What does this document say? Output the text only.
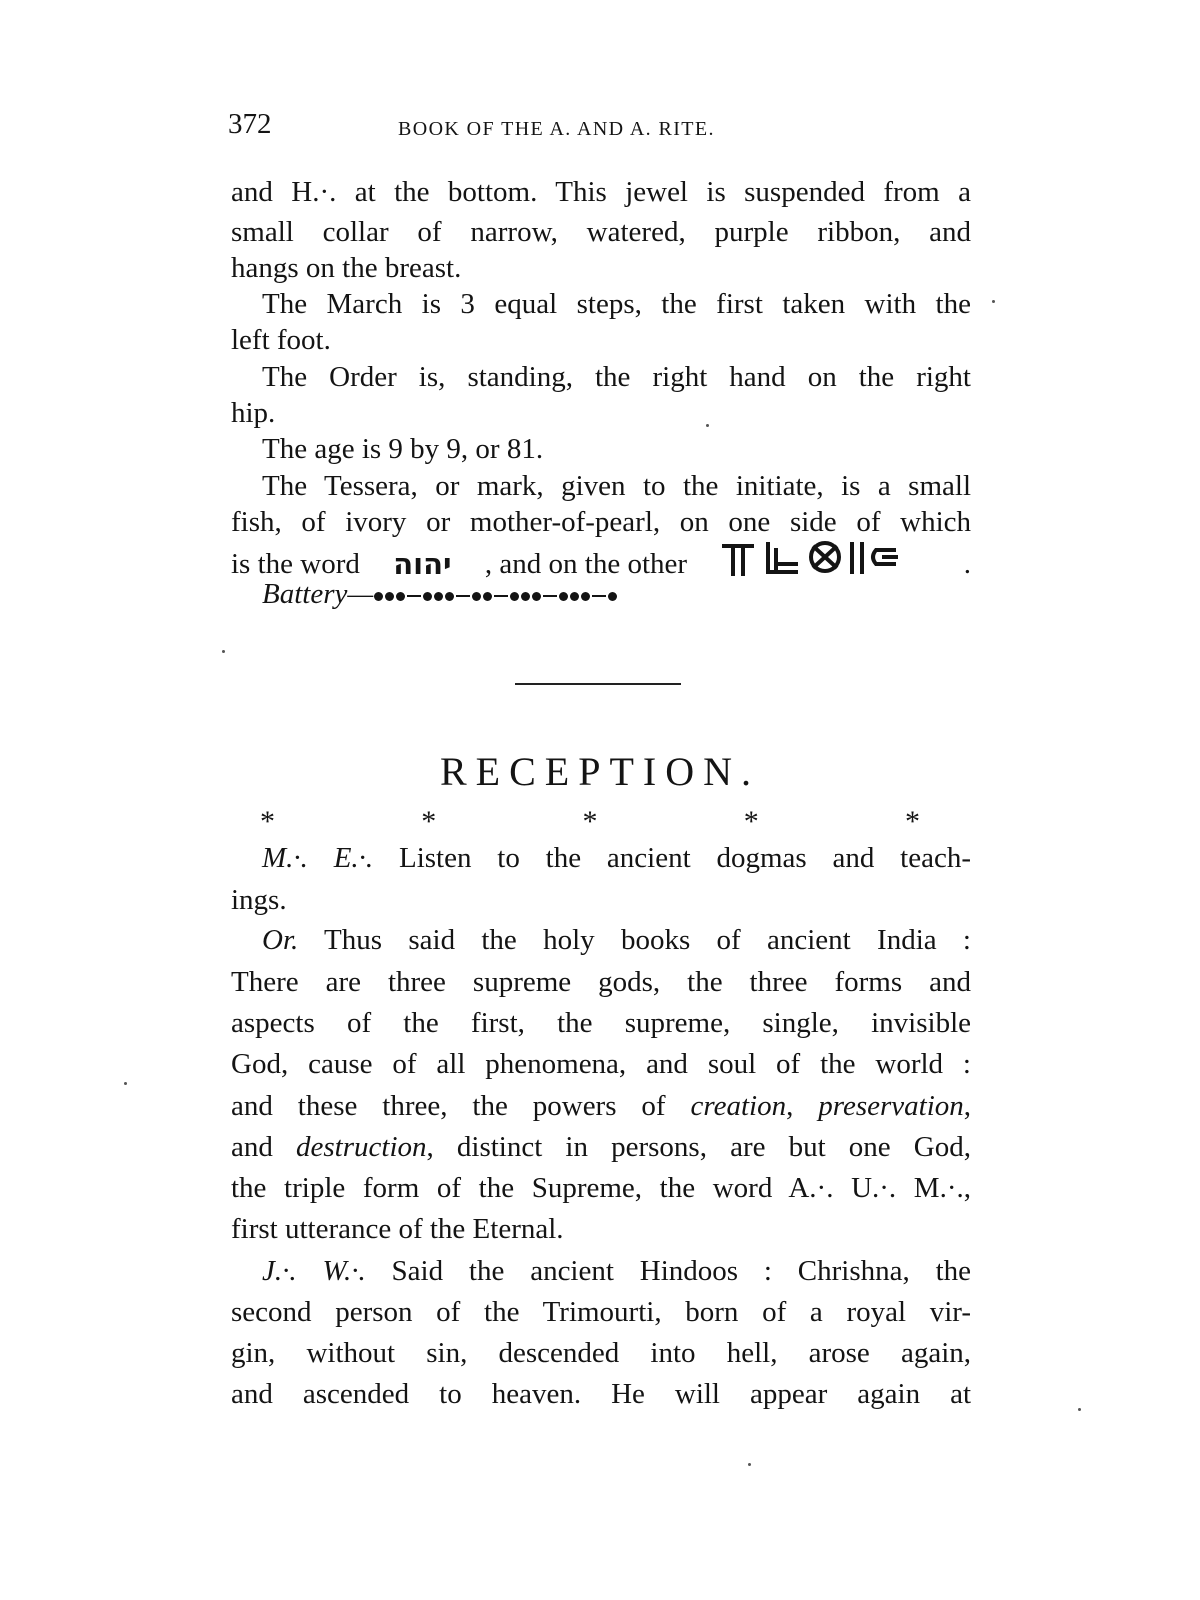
372	BOOK OF THE A. AND A. RITE.
and H.·. at the bottom. This jewel is suspended from a
small collar of narrow, watered, purple ribbon, and
hangs on the breast.
The March is 3 equal steps, the first taken with the
left foot.
The Order is, standing, the right hand on the right
hip.
The age is 9 by 9, or 81.
The Tessera, or mark, given to the initiate, is a small
fish, of ivory or mother-of-pearl, on one side of which
is the word יהוה , and on the other	.
Battery—
RECEPTION.
*	*	*	*	*
M.·. E.·. Listen to the ancient dogmas and teach-
ings.
Or. Thus said the holy books of ancient India :
There are three supreme gods, the three forms and
aspects of the first, the supreme, single, invisible
God, cause of all phenomena, and soul of the world :
and these three, the powers of creation, preservation,
and destruction, distinct in persons, are but one God,
the triple form of the Supreme, the word A.·. U.·. M.·.,
first utterance of the Eternal.
J.·. W.·. Said the ancient Hindoos : Chrishna, the
second person of the Trimourti, born of a royal vir-
gin, without sin, descended into hell, arose again,
and ascended to heaven. He will appear again at
